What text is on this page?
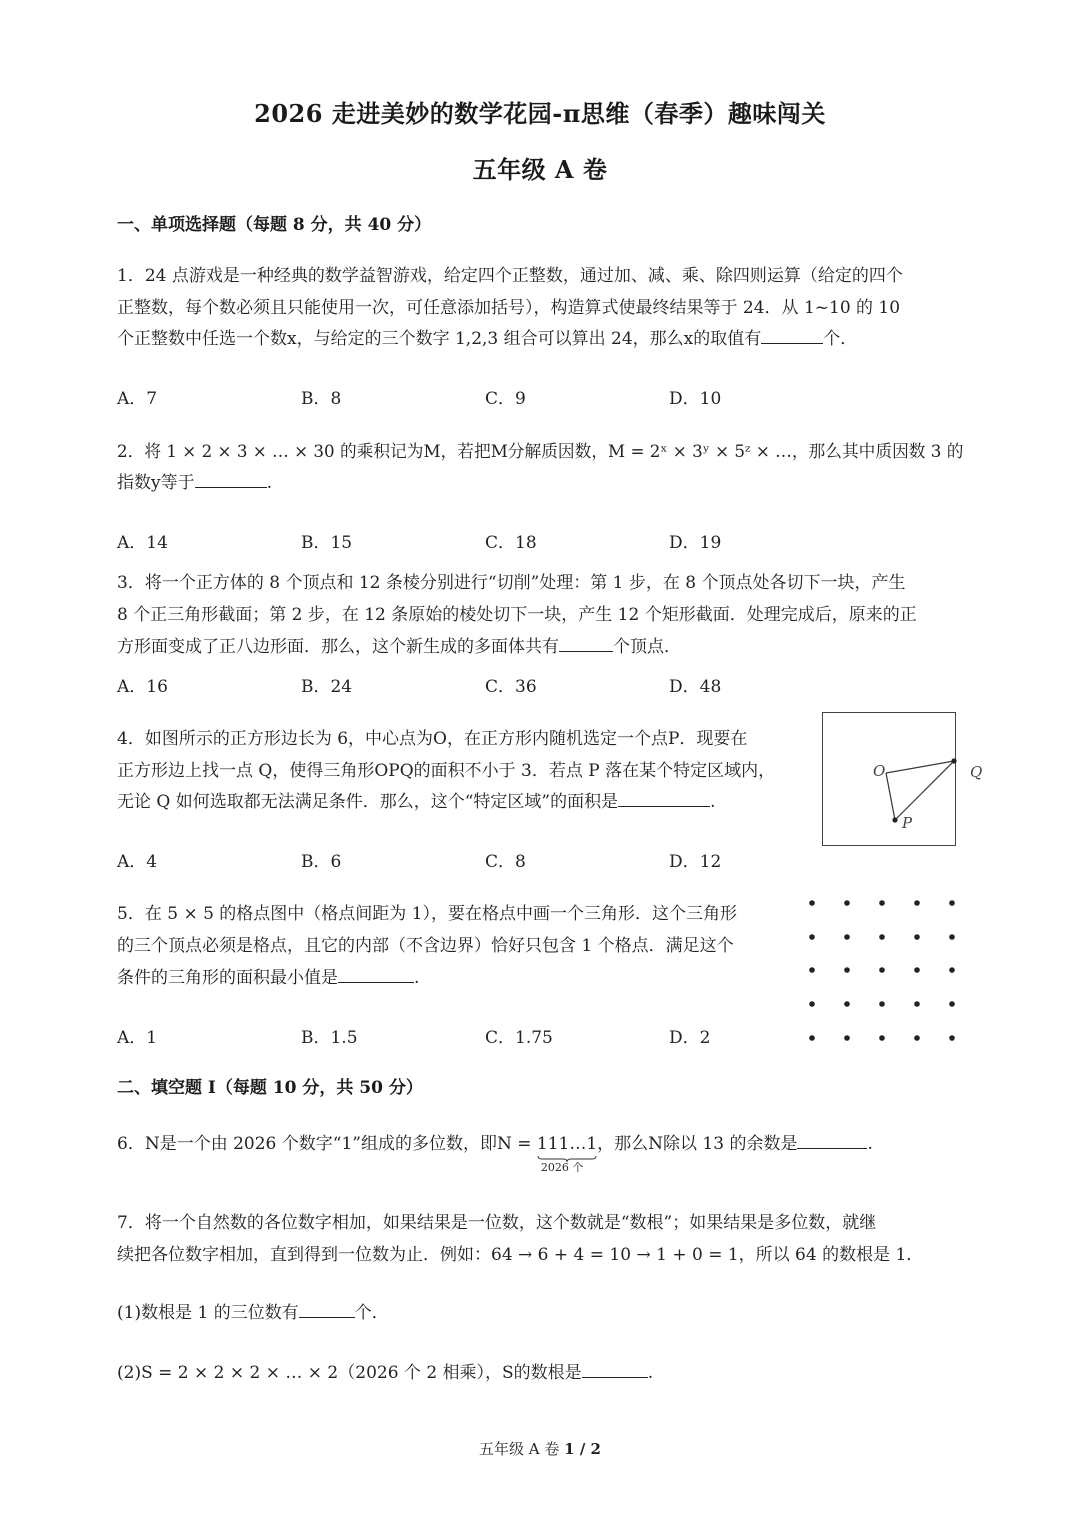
2026 走进美妙的数学花园-π思维（春季）趣味闯关
五年级 A 卷
一、单项选择题（每题 8 分，共 40 分）
1．24 点游戏是一种经典的数学益智游戏，给定四个正整数，通过加、减、乘、除四则运算（给定的四个
正整数，每个数必须且只能使用一次，可任意添加括号），构造算式使最终结果等于 24．从 1~10 的 10
个正整数中任选一个数x，与给定的三个数字 1,2,3 组合可以算出 24，那么x的取值有	个．
A．7	B．8	C．9	D．10
2．将 1 × 2 × 3 × … × 30 的乘积记为M，若把M分解质因数，M = 2ˣ × 3ʸ × 5ᶻ × …，那么其中质因数 3 的
指数y等于	.
A．14	B．15	C．18	D．19
3．将一个正方体的 8 个顶点和 12 条棱分别进行“切削”处理：第 1 步，在 8 个顶点处各切下一块，产生
8 个正三角形截面；第 2 步，在 12 条原始的棱处切下一块，产生 12 个矩形截面．处理完成后，原来的正
方形面变成了正八边形面．那么，这个新生成的多面体共有	个顶点．
A．16	B．24	C．36	D．48
4．如图所示的正方形边长为 6，中心点为O，在正方形内随机选定一个点P．现要在
正方形边上找一点 Q，使得三角形OPQ的面积不小于 3．若点 P 落在某个特定区域内，
无论 Q 如何选取都无法满足条件．那么，这个“特定区域”的面积是	.
A．4	B．6	C．8	D．12
O	Q
P
5．在 5 × 5 的格点图中（格点间距为 1），要在格点中画一个三角形．这个三角形
的三个顶点必须是格点，且它的内部（不含边界）恰好只包含 1 个格点．满足这个
条件的三角形的面积最小值是	.
A．1	B．1.5	C．1.75	D．2
二、填空题 I（每题 10 分，共 50 分）
6．N是一个由 2026 个数字“1”组成的多位数，即N = 111…1
2026 个
，那么N除以 13 的余数是	.
7．将一个自然数的各位数字相加，如果结果是一位数，这个数就是“数根”；如果结果是多位数，就继
续把各位数字相加，直到得到一位数为止．例如：64 → 6 + 4 = 10 → 1 + 0 = 1，所以 64 的数根是 1．
(1)数根是 1 的三位数有	个．
(2)S = 2 × 2 × 2 × … × 2（2026 个 2 相乘），S的数根是	.
五年级 A 卷 1 / 2
